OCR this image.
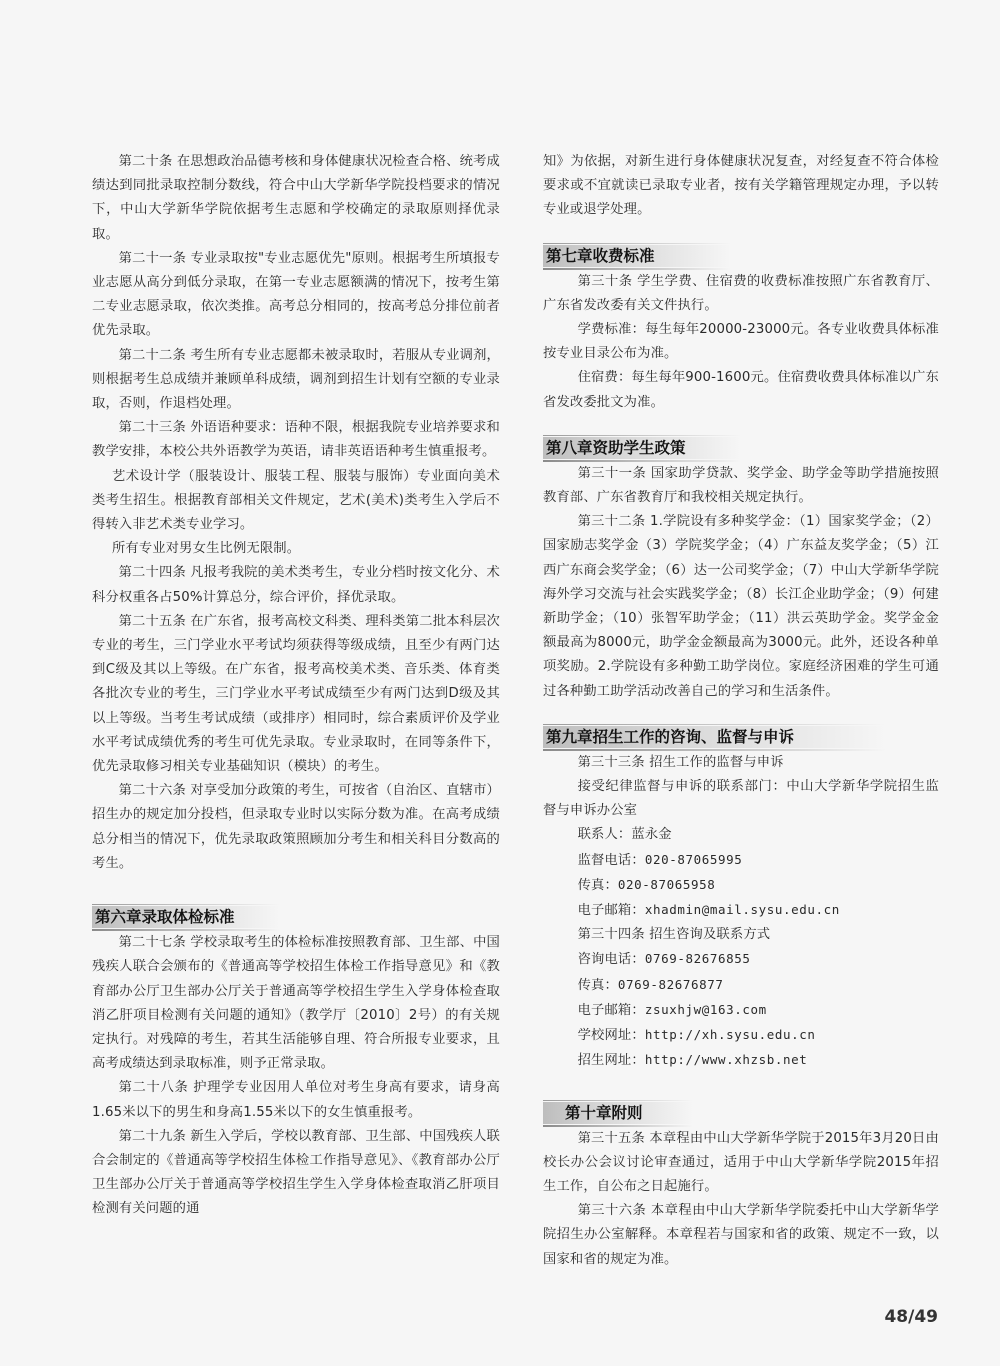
第二十条 在思想政治品德考核和身体健康状况检查合格、统考成绩达到同批录取控制分数线，符合中山大学新华学院投档要求的情况下，中山大学新华学院依据考生志愿和学校确定的录取原则择优录取。

第二十一条 专业录取按"专业志愿优先"原则。根据考生所填报专业志愿从高分到低分录取，在第一专业志愿额满的情况下，按考生第二专业志愿录取，依次类推。高考总分相同的，按高考总分排位前者优先录取。

第二十二条 考生所有专业志愿都未被录取时，若服从专业调剂，则根据考生总成绩并兼顾单科成绩，调剂到招生计划有空额的专业录取，否则，作退档处理。

第二十三条 外语语种要求：语种不限，根据我院专业培养要求和教学安排，本校公共外语教学为英语，请非英语语种考生慎重报考。

艺术设计学（服装设计、服装工程、服装与服饰）专业面向美术类考生招生。根据教育部相关文件规定，艺术(美术)类考生入学后不得转入非艺术类专业学习。

所有专业对男女生比例无限制。

第二十四条 凡报考我院的美术类考生，专业分档时按文化分、术科分权重各占50%计算总分，综合评价，择优录取。

第二十五条 在广东省，报考高校文科类、理科类第二批本科层次专业的考生，三门学业水平考试均须获得等级成绩，且至少有两门达到C级及其以上等级。在广东省，报考高校美术类、音乐类、体育类各批次专业的考生，三门学业水平考试成绩至少有两门达到D级及其以上等级。当考生考试成绩（或排序）相同时，综合素质评价及学业水平考试成绩优秀的考生可优先录取。专业录取时，在同等条件下，优先录取修习相关专业基础知识（模块）的考生。

第二十六条 对享受加分政策的考生，可按省（自治区、直辖市）招生办的规定加分投档，但录取专业时以实际分数为准。在高考成绩总分相当的情况下，优先录取政策照顾加分考生和相关科目分数高的考生。

第六章录取体检标准

第二十七条 学校录取考生的体检标准按照教育部、卫生部、中国残疾人联合会颁布的《普通高等学校招生体检工作指导意见》和《教育部办公厅卫生部办公厅关于普通高等学校招生学生入学身体检查取消乙肝项目检测有关问题的通知》（教学厅〔2010〕2号）的有关规定执行。对残障的考生，若其生活能够自理、符合所报专业要求，且高考成绩达到录取标准，则予正常录取。

第二十八条 护理学专业因用人单位对考生身高有要求，请身高1.65米以下的男生和身高1.55米以下的女生慎重报考。

第二十九条 新生入学后，学校以教育部、卫生部、中国残疾人联合会制定的《普通高等学校招生体检工作指导意见》、《教育部办公厅卫生部办公厅关于普通高等学校招生学生入学身体检查取消乙肝项目检测有关问题的通

知》为依据，对新生进行身体健康状况复查，对经复查不符合体检要求或不宜就读已录取专业者，按有关学籍管理规定办理，予以转专业或退学处理。

第七章收费标准

第三十条 学生学费、住宿费的收费标准按照广东省教育厅、广东省发改委有关文件执行。

学费标准：每生每年20000-23000元。各专业收费具体标准按专业目录公布为准。

住宿费：每生每年900-1600元。住宿费收费具体标准以广东省发改委批文为准。

第八章资助学生政策

第三十一条 国家助学贷款、奖学金、助学金等助学措施按照教育部、广东省教育厅和我校相关规定执行。

第三十二条 1.学院设有多种奖学金：（1）国家奖学金；（2）国家励志奖学金（3）学院奖学金；（4）广东益友奖学金；（5）江西广东商会奖学金；（6）达一公司奖学金；（7）中山大学新华学院海外学习交流与社会实践奖学金；（8）长江企业助学金；（9）何建新助学金；（10）张智军助学金；（11）洪云英助学金。奖学金金额最高为8000元，助学金金额最高为3000元。此外，还设各种单项奖励。2.学院设有多种勤工助学岗位。家庭经济困难的学生可通过各种勤工助学活动改善自己的学习和生活条件。

第九章招生工作的咨询、监督与申诉

第三十三条 招生工作的监督与申诉

接受纪律监督与申诉的联系部门：中山大学新华学院招生监督与申诉办公室

联系人：蓝永金

监督电话：020-87065995

传真：020-87065958

电子邮箱：xhadmin@mail.sysu.edu.cn

第三十四条 招生咨询及联系方式

咨询电话：0769-82676855

传真：0769-82676877

电子邮箱：zsuxhjw@163.com

学校网址：http://xh.sysu.edu.cn

招生网址：http://www.xhzsb.net

第十章附则

第三十五条 本章程由中山大学新华学院于2015年3月20日由校长办公会议讨论审查通过，适用于中山大学新华学院2015年招生工作，自公布之日起施行。

第三十六条 本章程由中山大学新华学院委托中山大学新华学院招生办公室解释。本章程若与国家和省的政策、规定不一致，以国家和省的规定为准。

48/49
